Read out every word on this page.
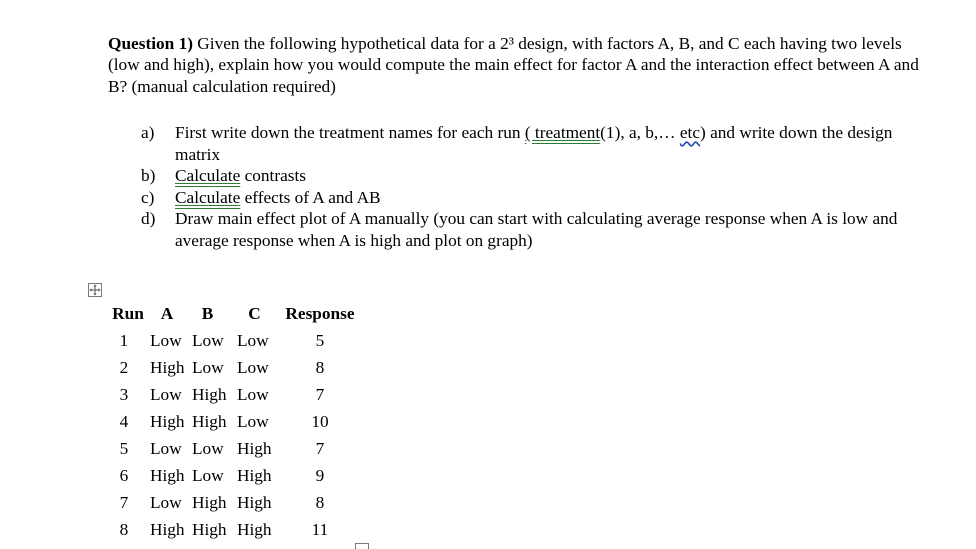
Question 1) Given the following hypothetical data for a 2³ design, with factors A, B, and C each having two levels (low and high), explain how you would compute the main effect for factor A and the interaction effect between A and B? (manual calculation required)
a)	First write down the treatment names for each run ( treatment(1), a, b,… etc) and write down the design matrix
b)	Calculate contrasts
c)	Calculate effects of A and AB
d)	Draw main effect plot of A manually (you can start with calculating average response when A is low and average response when A is high and plot on graph)
Run	A	B	C	Response
1	Low	Low	Low	5
2	High	Low	Low	8
3	Low	High	Low	7
4	High	High	Low	10
5	Low	Low	High	7
6	High	Low	High	9
7	Low	High	High	8
8	High	High	High	11
